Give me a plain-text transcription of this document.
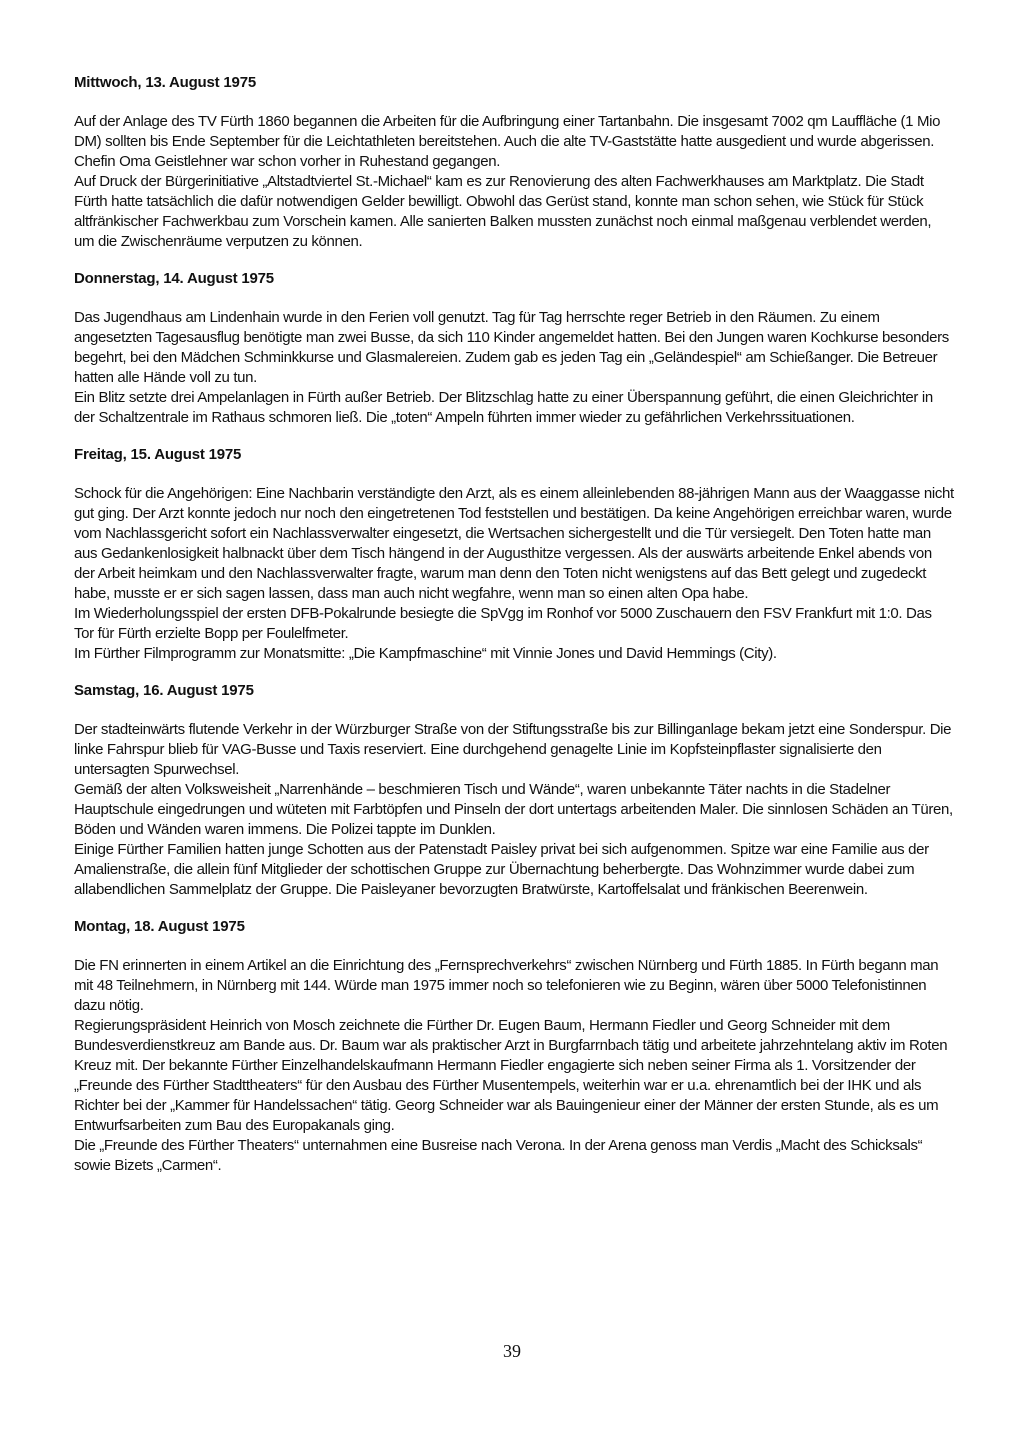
Mittwoch, 13. August 1975

Auf der Anlage des TV Fürth 1860 begannen die Arbeiten für die Aufbringung einer Tartanbahn. Die insgesamt 7002 qm Lauffläche (1 Mio DM) sollten bis Ende September für die Leichtathleten bereitstehen. Auch die alte TV-Gaststätte hatte ausgedient und wurde abgerissen. Chefin Oma Geistlehner war schon vorher in Ruhestand gegangen.

Auf Druck der Bürgerinitiative „Altstadtviertel St.-Michael“ kam es zur Renovierung des alten Fachwerkhauses am Marktplatz. Die Stadt Fürth hatte tatsächlich die dafür notwendigen Gelder bewilligt. Obwohl das Gerüst stand, konnte man schon sehen, wie Stück für Stück altfränkischer Fachwerkbau zum Vorschein kamen. Alle sanierten Balken mussten zunächst noch einmal maßgenau verblendet werden, um die Zwischenräume verputzen zu können.

Donnerstag, 14. August 1975

Das Jugendhaus am Lindenhain wurde in den Ferien voll genutzt. Tag für Tag herrschte reger Betrieb in den Räumen. Zu einem angesetzten Tagesausflug benötigte man zwei Busse, da sich 110 Kinder angemeldet hatten. Bei den Jungen waren Kochkurse besonders begehrt, bei den Mädchen Schminkkurse und Glasmalereien. Zudem gab es jeden Tag ein „Geländespiel“ am Schießanger. Die Betreuer hatten alle Hände voll zu tun.

Ein Blitz setzte drei Ampelanlagen in Fürth außer Betrieb. Der Blitzschlag hatte zu einer Überspannung geführt, die einen Gleichrichter in der Schaltzentrale im Rathaus schmoren ließ. Die „toten“ Ampeln führten immer wieder zu gefährlichen Verkehrssituationen.

Freitag, 15. August 1975

Schock für die Angehörigen: Eine Nachbarin verständigte den Arzt, als es einem alleinlebenden 88-jährigen Mann aus der Waaggasse nicht gut ging. Der Arzt konnte jedoch nur noch den eingetretenen Tod feststellen und bestätigen. Da keine Angehörigen erreichbar waren, wurde vom Nachlassgericht sofort ein Nachlassverwalter eingesetzt, die Wertsachen sichergestellt und die Tür versiegelt. Den Toten hatte man aus Gedankenlosigkeit halbnackt über dem Tisch hängend in der Augusthitze vergessen. Als der auswärts arbeitende Enkel abends von der Arbeit heimkam und den Nachlassverwalter fragte, warum man denn den Toten nicht wenigstens auf das Bett gelegt und zugedeckt habe, musste er er sich sagen lassen, dass man auch nicht wegfahre, wenn man so einen alten Opa habe.

Im Wiederholungsspiel der ersten DFB-Pokalrunde besiegte die SpVgg im Ronhof vor 5000 Zuschauern den FSV Frankfurt mit 1:0. Das Tor für Fürth erzielte Bopp per Foulelfmeter.

Im Fürther Filmprogramm zur Monatsmitte: „Die Kampfmaschine“ mit Vinnie Jones und David Hemmings (City).

Samstag, 16. August 1975

Der stadteinwärts flutende Verkehr in der Würzburger Straße von der Stiftungsstraße bis zur Billinganlage bekam jetzt eine Sonderspur. Die linke Fahrspur blieb für VAG-Busse und Taxis reserviert. Eine durchgehend genagelte Linie im Kopfsteinpflaster signalisierte den untersagten Spurwechsel.

Gemäß der alten Volksweisheit „Narrenhände – beschmieren Tisch und Wände“, waren unbekannte Täter nachts in die Stadelner Hauptschule eingedrungen und wüteten mit Farbtöpfen und Pinseln der dort untertags arbeitenden Maler. Die sinnlosen Schäden an Türen, Böden und Wänden waren immens. Die Polizei tappte im Dunklen.

Einige Fürther Familien hatten junge Schotten aus der Patenstadt Paisley privat bei sich aufgenommen. Spitze war eine Familie aus der Amalienstraße, die allein fünf Mitglieder der schottischen Gruppe zur Übernachtung beherbergte. Das Wohnzimmer wurde dabei zum allabendlichen Sammelplatz der Gruppe. Die Paisleyaner bevorzugten Bratwürste, Kartoffelsalat und fränkischen Beerenwein.

Montag, 18. August 1975

Die FN erinnerten in einem Artikel an die Einrichtung des „Fernsprechverkehrs“ zwischen Nürnberg und Fürth 1885. In Fürth begann man mit 48 Teilnehmern, in Nürnberg mit 144. Würde man 1975 immer noch so telefonieren wie zu Beginn, wären über 5000 Telefonistinnen dazu nötig.

Regierungspräsident Heinrich von Mosch zeichnete die Fürther Dr. Eugen Baum, Hermann Fiedler und Georg Schneider mit dem Bundesverdienstkreuz am Bande aus. Dr. Baum war als praktischer Arzt in Burgfarrnbach tätig und arbeitete jahrzehntelang aktiv im Roten Kreuz mit. Der bekannte Fürther Einzelhandelskaufmann Hermann Fiedler engagierte sich neben seiner Firma als 1. Vorsitzender der „Freunde des Fürther Stadttheaters“ für den Ausbau des Fürther Musentempels, weiterhin war er u.a. ehrenamtlich bei der IHK und als Richter bei der „Kammer für Handelssachen“ tätig. Georg Schneider war als Bauingenieur einer der Männer der ersten Stunde, als es um Entwurfsarbeiten zum Bau des Europakanals ging.

Die „Freunde des Fürther Theaters“ unternahmen eine Busreise nach Verona. In der Arena genoss man Verdis „Macht des Schicksals“ sowie Bizets „Carmen“.

39
